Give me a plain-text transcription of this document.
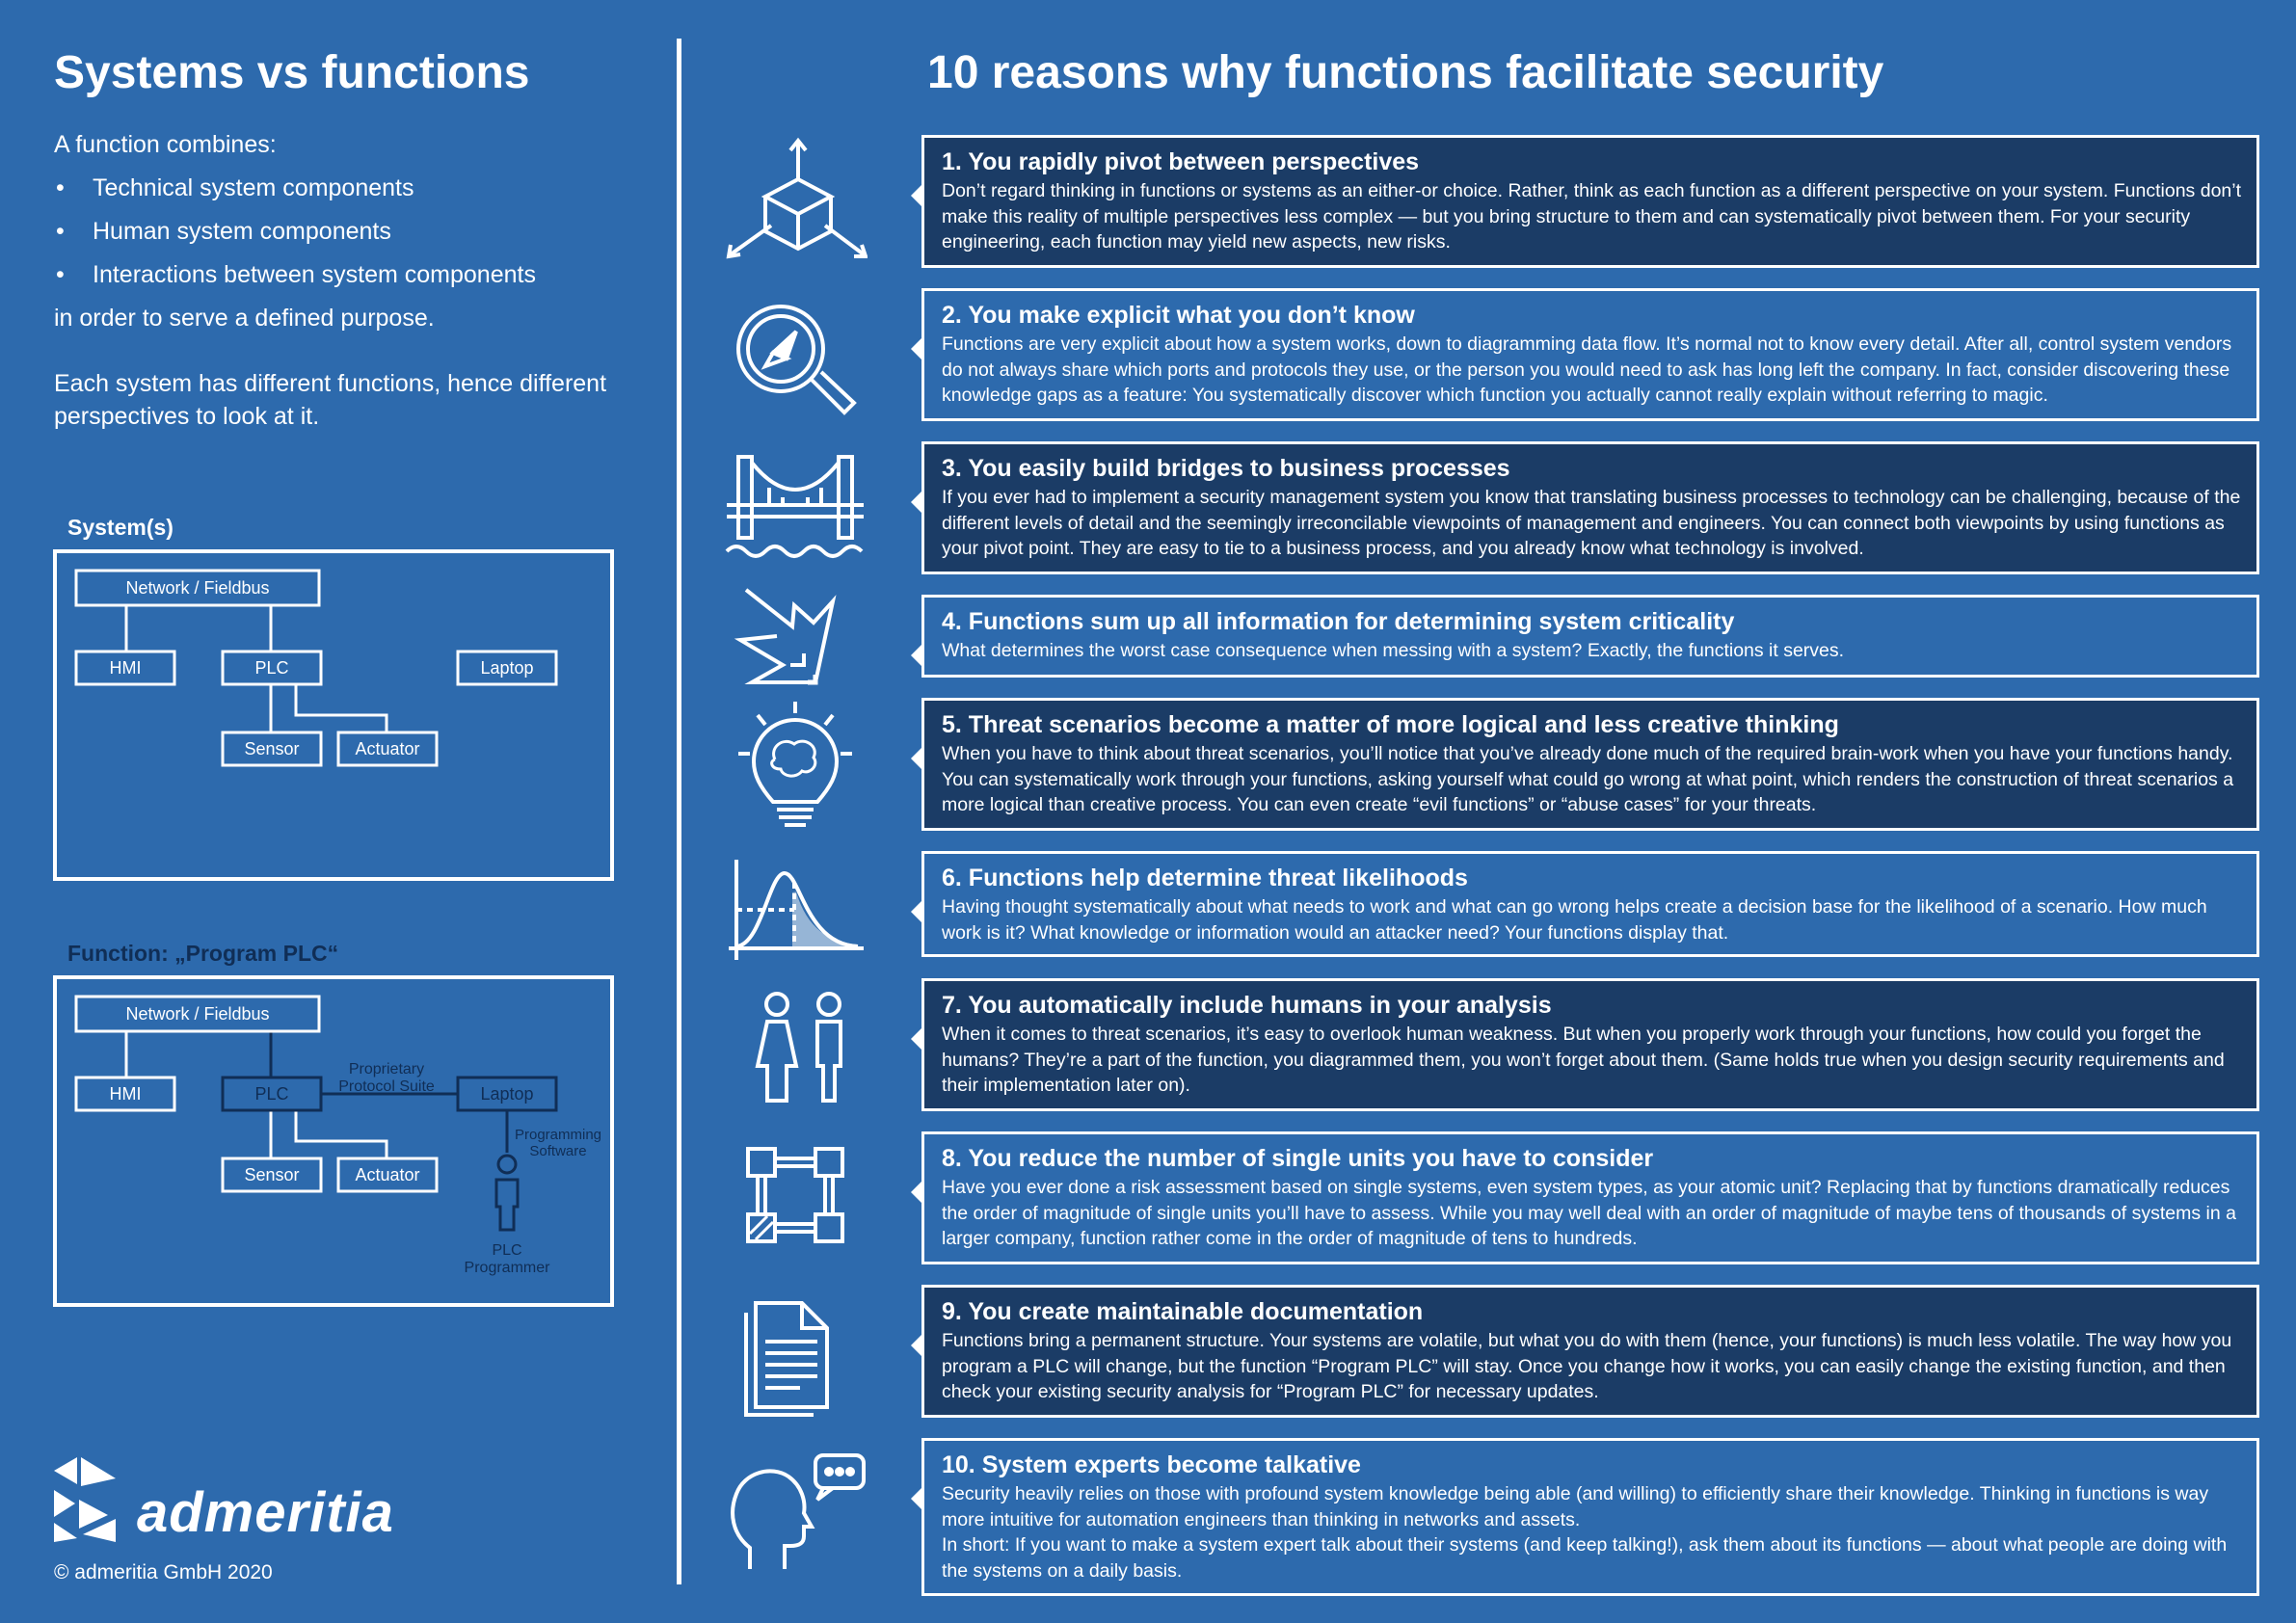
Systems vs functions
A function combines:
• Technical system components
• Human system components
• Interactions between system components
in order to serve a defined purpose.
Each system has different functions, hence different perspectives to look at it.
System(s)
Network / Fieldbus
HMI	PLC	Laptop
Sensor	Actuator
Function: „Program PLC“
Network / Fieldbus
HMI	PLC	Laptop
Sensor	Actuator
Proprietary
Protocol Suite
Programming
Software
PLC
Programmer
admeritia
© admeritia GmbH 2020
10 reasons why functions facilitate security
1. You rapidly pivot between perspectives

Don’t regard thinking in functions or systems as an either-or choice. Rather, think as each function as a different perspective on your system. Functions don’t make this reality of multiple perspectives less complex — but you bring structure to them and can systematically pivot between them. For your security engineering, each function may yield new aspects, new risks.

2. You make explicit what you don’t know

Functions are very explicit about how a system works, down to diagramming data flow. It’s normal not to know every detail. After all, control system vendors do not always share which ports and protocols they use, or the person you would need to ask has long left the company. In fact, consider discovering these knowledge gaps as a feature: You systematically discover which function you actually cannot really explain without referring to magic.

3. You easily build bridges to business processes

If you ever had to implement a security management system you know that translating business processes to technology can be challenging, because of the different levels of detail and the seemingly irreconcilable viewpoints of management and engineers. You can connect both viewpoints by using functions as your pivot point. They are easy to tie to a business process, and you already know what technology is involved.

4. Functions sum up all information for determining system criticality

What determines the worst case consequence when messing with a system? Exactly, the functions it serves.

5. Threat scenarios become a matter of more logical and less creative thinking

When you have to think about threat scenarios, you’ll notice that you’ve already done much of the required brain-work when you have your functions handy. You can systematically work through your functions, asking yourself what could go wrong at what point, which renders the construction of threat scenarios a more logical than creative process. You can even create “evil functions” or “abuse cases” for your threats.

6. Functions help determine threat likelihoods

Having thought systematically about what needs to work and what can go wrong helps create a decision base for the likelihood of a scenario. How much work is it? What knowledge or information would an attacker need? Your functions display that.

7. You automatically include humans in your analysis

When it comes to threat scenarios, it’s easy to overlook human weakness. But when you properly work through your functions, how could you forget the humans? They’re a part of the function, you diagrammed them, you won’t forget about them. (Same holds true when you design security requirements and their implementation later on).

8. You reduce the number of single units you have to consider

Have you ever done a risk assessment based on single systems, even system types, as your atomic unit? Replacing that by functions dramatically reduces the order of magnitude of single units you’ll have to assess. While you may well deal with an order of magnitude of maybe tens of thousands of systems in a larger company, function rather come in the order of magnitude of tens to hundreds.

9. You create maintainable documentation

Functions bring a permanent structure. Your systems are volatile, but what you do with them (hence, your functions) is much less volatile. The way how you program a PLC will change, but the function “Program PLC” will stay. Once you change how it works, you can easily change the existing function, and then check your existing security analysis for “Program PLC” for necessary updates.

10. System experts become talkative

Security heavily relies on those with profound system knowledge being able (and willing) to efficiently share their knowledge. Thinking in functions is way more intuitive for automation engineers than thinking in networks and assets.
In short: If you want to make a system expert talk about their systems (and keep talking!), ask them about its functions — about what people are doing with the systems on a daily basis.
